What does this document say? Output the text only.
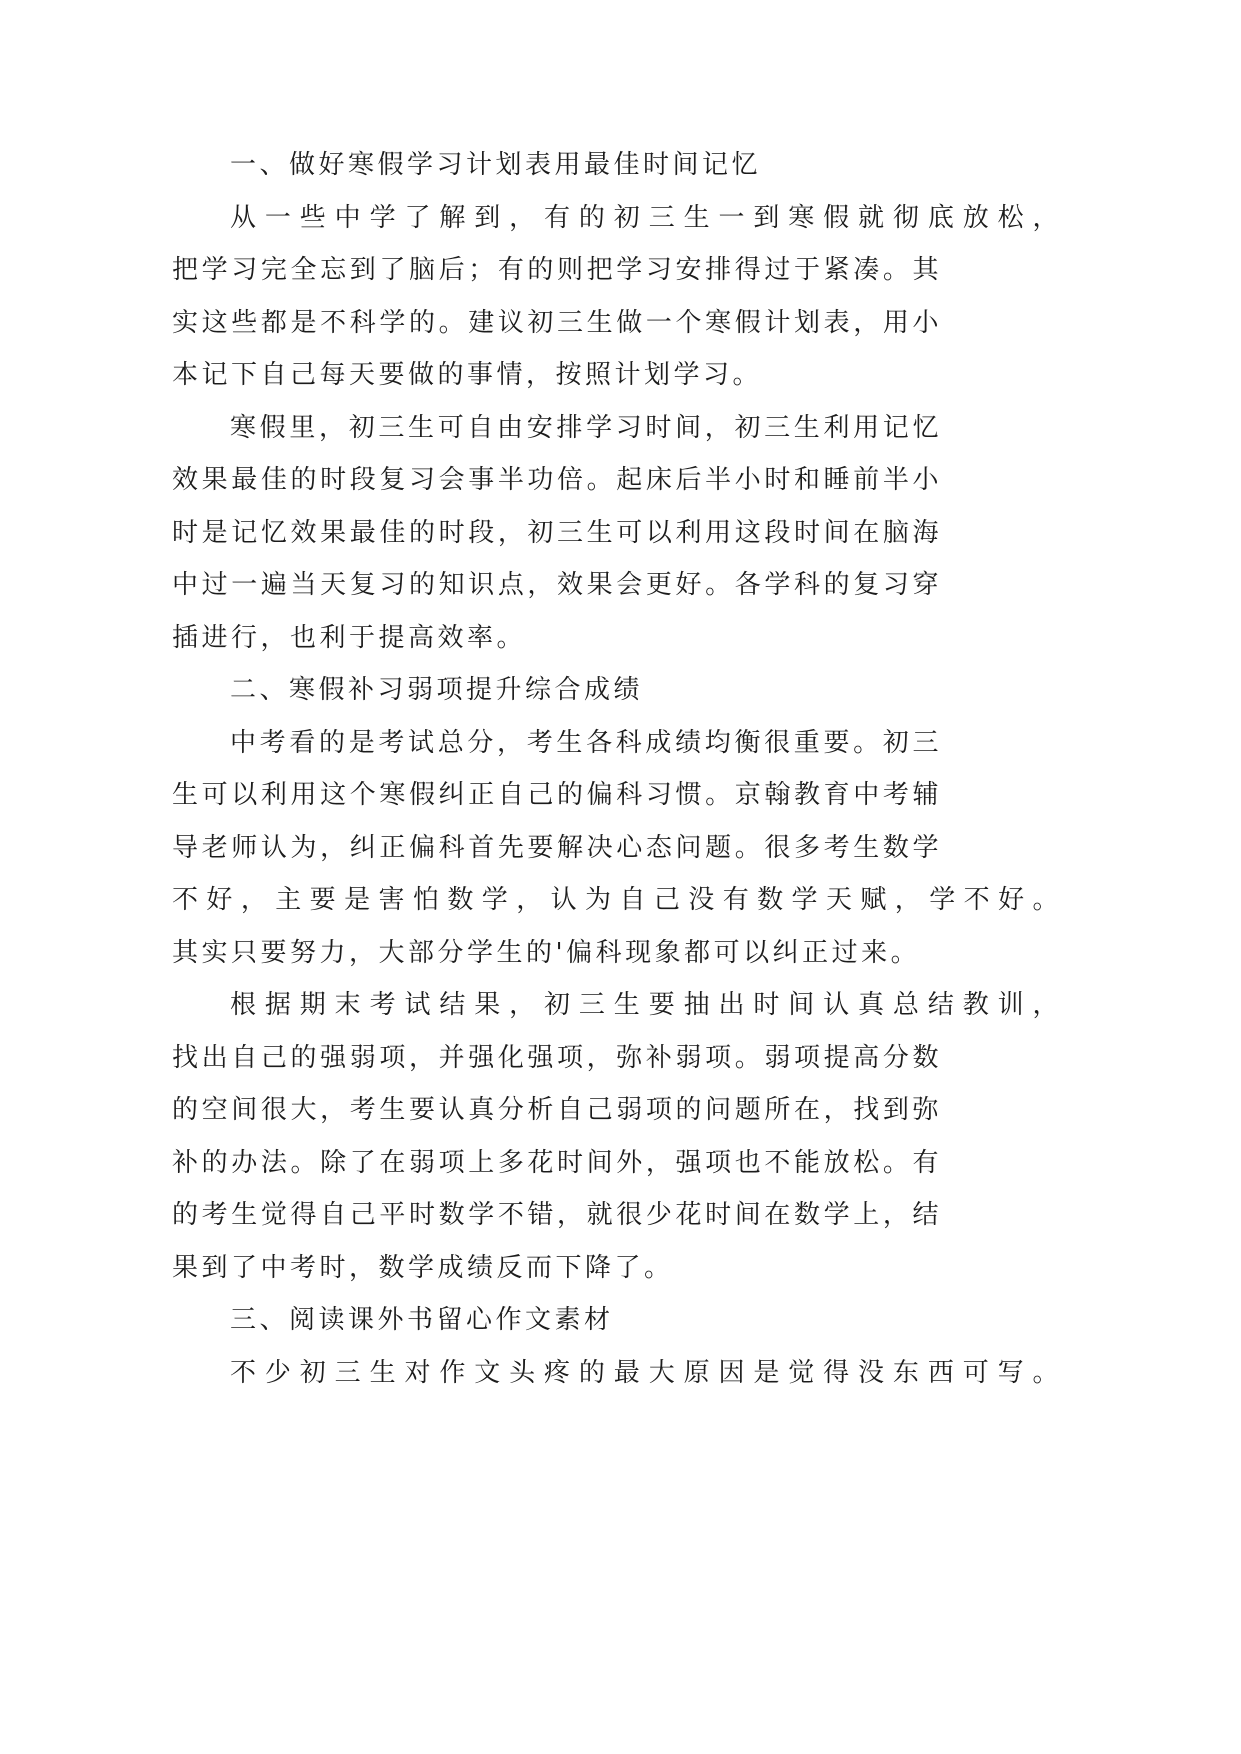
一、做好寒假学习计划表用最佳时间记忆
从一些中学了解到，有的初三生一到寒假就彻底放松，
把学习完全忘到了脑后；有的则把学习安排得过于紧凑。其
实这些都是不科学的。建议初三生做一个寒假计划表，用小
本记下自己每天要做的事情，按照计划学习。
寒假里，初三生可自由安排学习时间，初三生利用记忆
效果最佳的时段复习会事半功倍。起床后半小时和睡前半小
时是记忆效果最佳的时段，初三生可以利用这段时间在脑海
中过一遍当天复习的知识点，效果会更好。各学科的复习穿
插进行，也利于提高效率。
二、寒假补习弱项提升综合成绩
中考看的是考试总分，考生各科成绩均衡很重要。初三
生可以利用这个寒假纠正自己的偏科习惯。京翰教育中考辅
导老师认为，纠正偏科首先要解决心态问题。很多考生数学
不好，主要是害怕数学，认为自己没有数学天赋，学不好。
其实只要努力，大部分学生的'偏科现象都可以纠正过来。
根据期末考试结果，初三生要抽出时间认真总结教训，
找出自己的强弱项，并强化强项，弥补弱项。弱项提高分数
的空间很大，考生要认真分析自己弱项的问题所在，找到弥
补的办法。除了在弱项上多花时间外，强项也不能放松。有
的考生觉得自己平时数学不错，就很少花时间在数学上，结
果到了中考时，数学成绩反而下降了。
三、阅读课外书留心作文素材
不少初三生对作文头疼的最大原因是觉得没东西可写。
